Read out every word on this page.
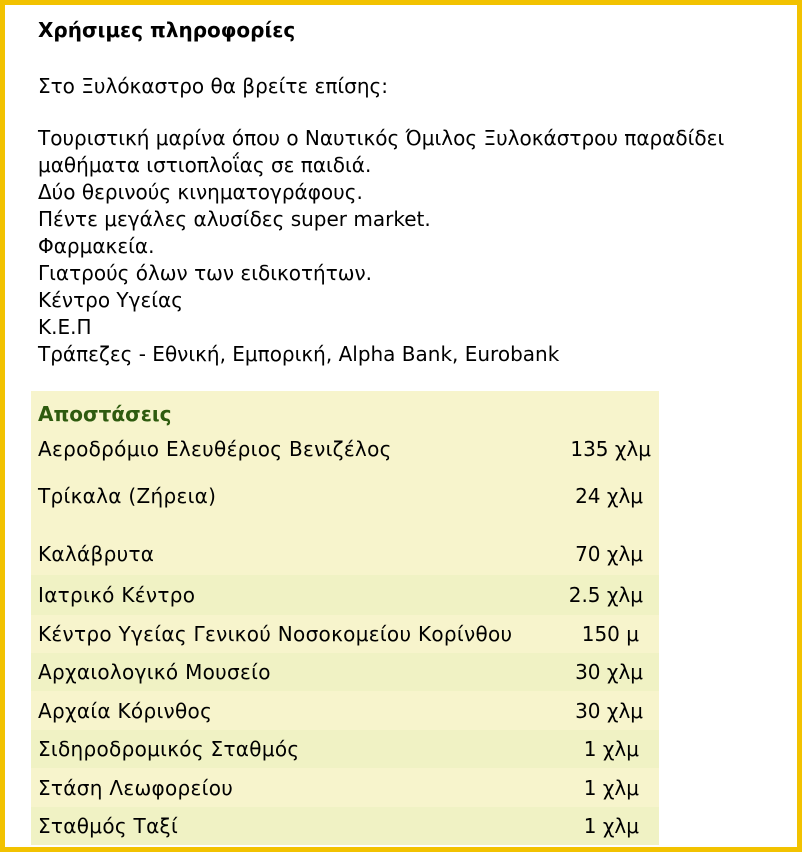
Χρήσιμες πληροφορίες
Στο Ξυλόκαστρο θα βρείτε επίσης:
Τουριστική μαρίνα όπου ο Ναυτικός Όμιλος Ξυλοκάστρου παραδίδει
μαθήματα ιστιοπλοΐας σε παιδιά.
Δύο θερινούς κινηματογράφους.
Πέντε μεγάλες αλυσίδες super market.
Φαρμακεία.
Γιατρούς όλων των ειδικοτήτων.
Κέντρο Υγείας
Κ.Ε.Π
Τράπεζες - Εθνική, Εμπορική, Alpha Bank, Eurobank
Αποστάσεις
Αεροδρόμιο Ελευθέριος Βενιζέλος	135 χλμ
Τρίκαλα (Ζήρεια)	24 χλμ
Καλάβρυτα	70 χλμ
Ιατρικό Κέντρο	2.5 χλμ
Κέντρο Υγείας Γενικού Νοσοκομείου Κορίνθου	150 μ
Αρχαιολογικό Μουσείο	30 χλμ
Αρχαία Κόρινθος	30 χλμ
Σιδηροδρομικός Σταθμός	1 χλμ
Στάση Λεωφορείου	1 χλμ
Σταθμός Ταξί	1 χλμ
